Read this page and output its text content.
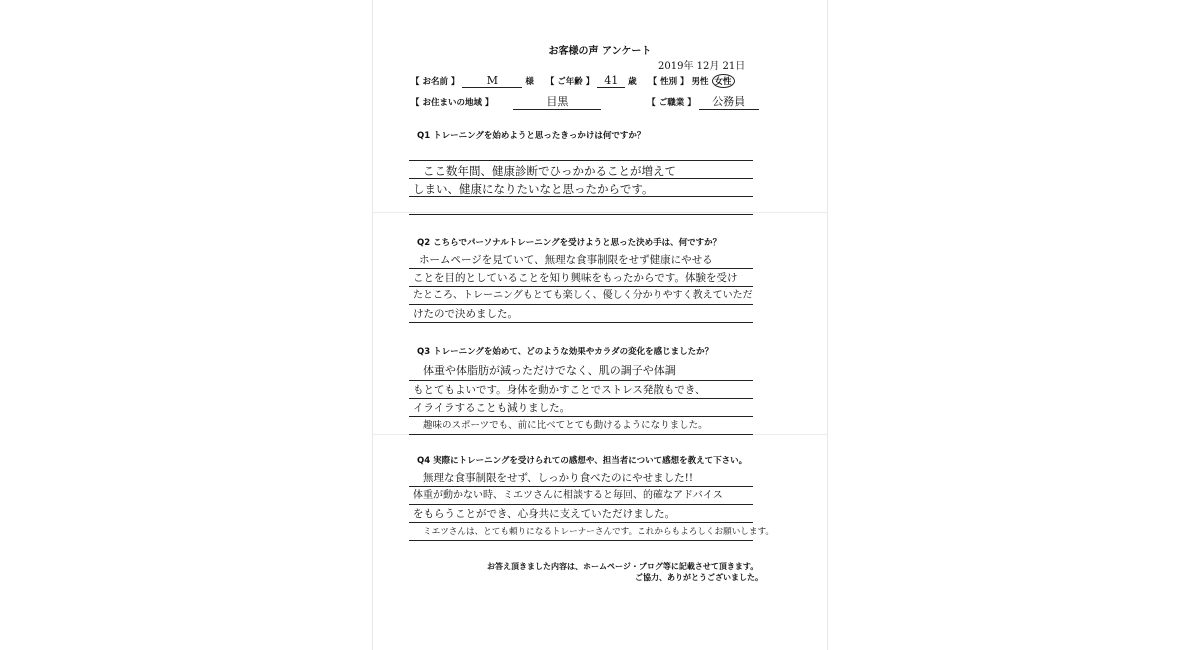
お客様の声 アンケート
2019年 12月 21日
【 お名前 】 M	様 【 ご年齢 】 41 歳 【 性別 】 男性 女性
【 お住まいの地域 】	目黒	【 ご職業 】 公務員
Q1 トレーニングを始めようと思ったきっかけは何ですか？
ここ数年間、健康診断でひっかかることが増えて
しまい、健康になりたいなと思ったからです。
Q2 こちらでパーソナルトレーニングを受けようと思った決め手は、何ですか？
ホームページを見ていて、無理な食事制限をせず健康にやせる
ことを目的としていることを知り興味をもったからです。体験を受け
たところ、トレーニングもとても楽しく、優しく分かりやすく教えていただ
けたので決めました。
Q3 トレーニングを始めて、どのような効果やカラダの変化を感じましたか？
体重や体脂肪が減っただけでなく、肌の調子や体調
もとてもよいです。身体を動かすことでストレス発散もでき、
イライラすることも減りました。
趣味のスポーツでも、前に比べてとても動けるようになりました。
Q4 実際にトレーニングを受けられての感想や、担当者について感想を教えて下さい。
無理な食事制限をせず、しっかり食べたのにやせました!!
体重が動かない時、ミエツさんに相談すると毎回、的確なアドバイス
をもらうことができ、心身共に支えていただけました。
ミエツさんは、とても頼りになるトレーナーさんです。これからもよろしくお願いします。
お答え頂きました内容は、ホームページ・ブログ等に記載させて頂きます。
ご協力、ありがとうございました。
